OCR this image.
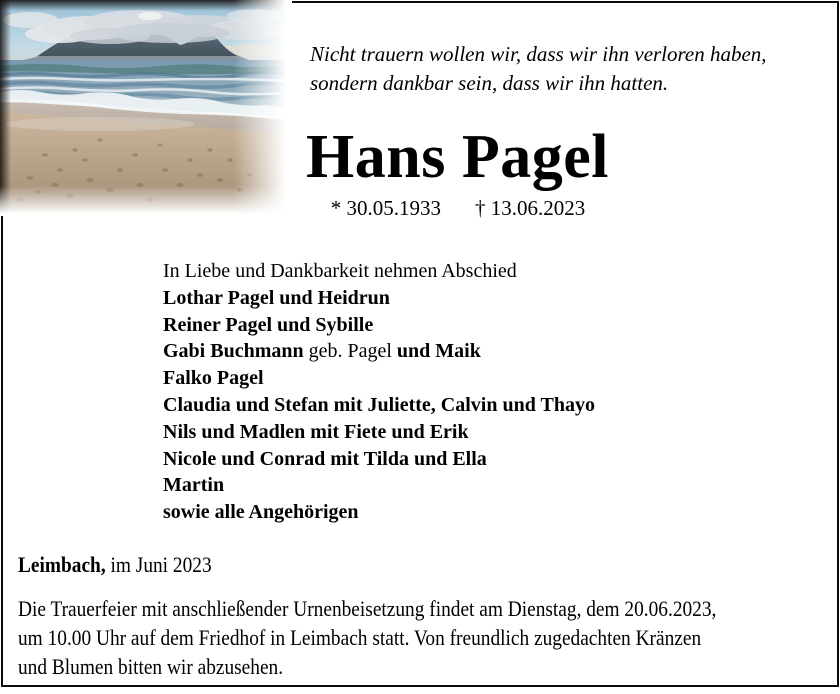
Nicht trauern wollen wir, dass wir ihn verloren haben,
sondern dankbar sein, dass wir ihn hatten.
Hans Pagel
* 30.05.1933 † 13.06.2023
In Liebe und Dankbarkeit nehmen Abschied
Lothar Pagel und Heidrun
Reiner Pagel und Sybille
Gabi Buchmann geb. Pagel und Maik
Falko Pagel
Claudia und Stefan mit Juliette, Calvin und Thayo
Nils und Madlen mit Fiete und Erik
Nicole und Conrad mit Tilda und Ella
Martin
sowie alle Angehörigen
Leimbach, im Juni 2023
Die Trauerfeier mit anschließender Urnenbeisetzung findet am Dienstag, dem 20.06.2023,
um 10.00 Uhr auf dem Friedhof in Leimbach statt. Von freundlich zugedachten Kränzen
und Blumen bitten wir abzusehen.
